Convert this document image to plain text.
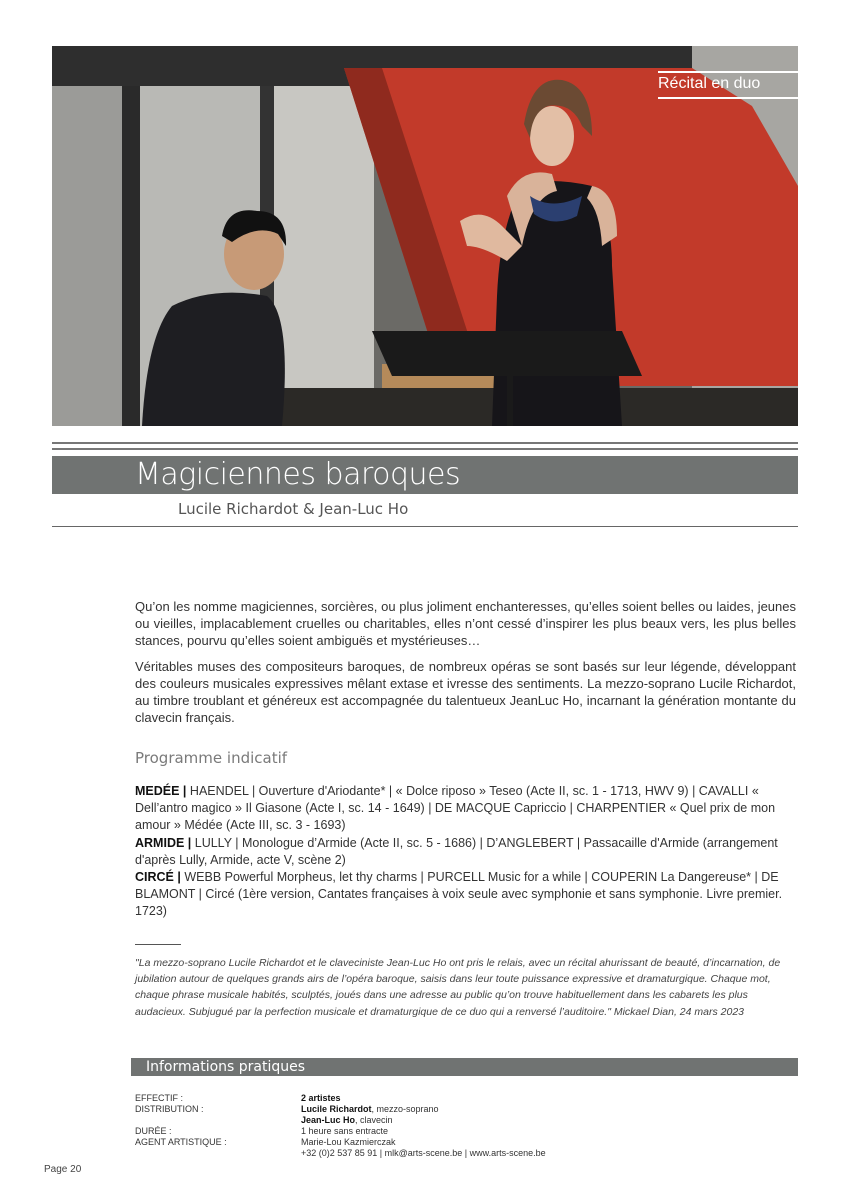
Récital en duo
Magiciennes baroques
Lucile Richardot & Jean-Luc Ho

Qu’on les nomme magiciennes, sorcières, ou plus joliment enchanteresses, qu’elles soient belles ou laides, jeunes ou vieilles, implacablement cruelles ou charitables, elles n’ont cessé d’inspirer les plus beaux vers, les plus belles stances, pourvu qu’elles soient ambiguës et mystérieuses…

Véritables muses des compositeurs baroques, de nombreux opéras se sont basés sur leur légende, développant des couleurs musicales expressives mêlant extase et ivresse des sentiments. La mezzo-soprano Lucile Richardot, au timbre troublant et généreux est accompagnée du talentueux JeanLuc Ho, incarnant la génération montante du clavecin français.

Programme indicatif

MEDÉE | HAENDEL | Ouverture d'Ariodante* | « Dolce riposo » Teseo (Acte II, sc. 1 - 1713, HWV 9) | CAVALLI « Dell’antro magico » Il Giasone (Acte I, sc. 14 - 1649) | DE MACQUE Capriccio | CHARPENTIER « Quel prix de mon amour » Médée (Acte III, sc. 3 - 1693)

ARMIDE | LULLY | Monologue d’Armide (Acte II, sc. 5 - 1686) | D’ANGLEBERT | Passacaille d'Armide (arrangement d'après Lully, Armide, acte V, scène 2)

CIRCÉ | WEBB Powerful Morpheus, let thy charms | PURCELL Music for a while | COUPERIN La Dangereuse* | DE BLAMONT | Circé (1ère version, Cantates françaises à voix seule avec symphonie et sans symphonie. Livre premier. 1723)

"La mezzo-soprano Lucile Richardot et le claveciniste Jean-Luc Ho ont pris le relais, avec un récital ahurissant de beauté, d’incarnation, de jubilation autour de quelques grands airs de l’opéra baroque, saisis dans leur toute puissance expressive et dramaturgique. Chaque mot, chaque phrase musicale habités, sculptés, joués dans une adresse au public qu’on trouve habituellement dans les cabarets les plus audacieux. Subjugué par la perfection musicale et dramaturgique de ce duo qui a renversé l’auditoire." Mickael Dian, 24 mars 2023

Informations pratiques
EFFECTIF :	2 artistes
DISTRIBUTION :	Lucile Richardot, mezzo-soprano
Jean-Luc Ho, clavecin
DURÉE :	1 heure sans entracte
AGENT ARTISTIQUE :	Marie-Lou Kazmierczak
+32 (0)2 537 85 91 | mlk@arts-scene.be | www.arts-scene.be
Page 20
